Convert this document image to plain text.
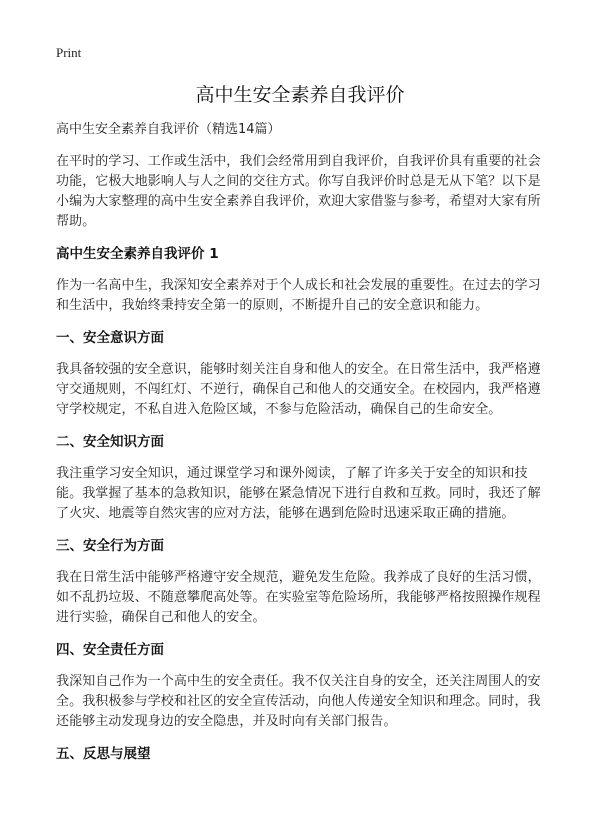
Print
高中生安全素养自我评价
高中生安全素养自我评价（精选14篇）

在平时的学习、工作或生活中，我们会经常用到自我评价，自我评价具有重要的社会功能，它极大地影响人与人之间的交往方式。你写自我评价时总是无从下笔？以下是小编为大家整理的高中生安全素养自我评价，欢迎大家借鉴与参考，希望对大家有所帮助。

高中生安全素养自我评价 1

作为一名高中生，我深知安全素养对于个人成长和社会发展的重要性。在过去的学习和生活中，我始终秉持安全第一的原则，不断提升自己的安全意识和能力。

一、安全意识方面

我具备较强的安全意识，能够时刻关注自身和他人的安全。在日常生活中，我严格遵守交通规则，不闯红灯、不逆行，确保自己和他人的交通安全。在校园内，我严格遵守学校规定，不私自进入危险区域，不参与危险活动，确保自己的生命安全。

二、安全知识方面

我注重学习安全知识，通过课堂学习和课外阅读，了解了许多关于安全的知识和技能。我掌握了基本的急救知识，能够在紧急情况下进行自救和互救。同时，我还了解了火灾、地震等自然灾害的应对方法，能够在遇到危险时迅速采取正确的措施。

三、安全行为方面

我在日常生活中能够严格遵守安全规范，避免发生危险。我养成了良好的生活习惯，如不乱扔垃圾、不随意攀爬高处等。在实验室等危险场所，我能够严格按照操作规程进行实验，确保自己和他人的安全。

四、安全责任方面

我深知自己作为一个高中生的安全责任。我不仅关注自身的安全，还关注周围人的安全。我积极参与学校和社区的安全宣传活动，向他人传递安全知识和理念。同时，我还能够主动发现身边的安全隐患，并及时向有关部门报告。

五、反思与展望
